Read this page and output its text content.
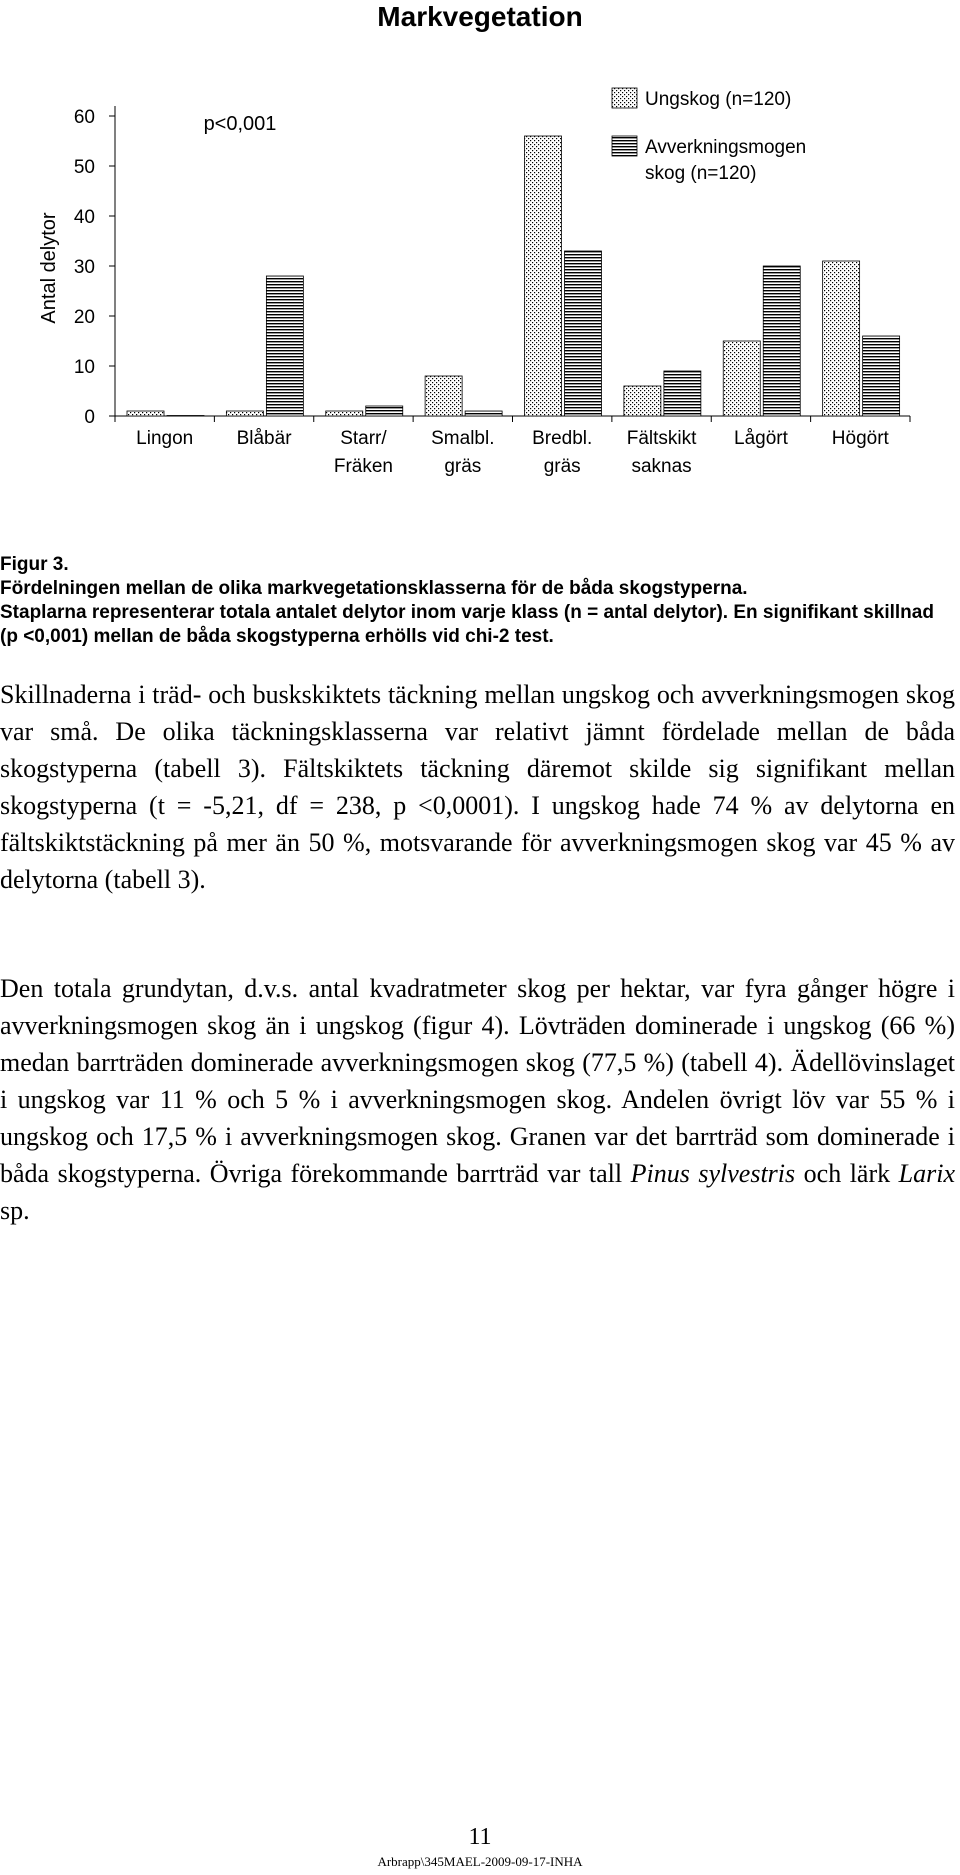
Markvegetation
0
10
20
30
40
50
60
Lingon Blåbär	Starr/
Fräken
Smalbl.
gräs
Bredbl.
gräs
Fältskikt
saknas
Lågört Högört
Ungskog (n=120)
Avverkningsmogen
skog (n=120)
p<0,001
Antal delytor

Figur 3.

Fördelningen mellan de olika markvegetationsklasserna för de båda skogstyperna.

Staplarna representerar totala antalet delytor inom varje klass (n = antal delytor). En signifikant skillnad (p <0,001) mellan de båda skogstyperna erhölls vid chi-2 test.

Skillnaderna i träd- och buskskiktets täckning mellan ungskog och avverkningsmogen skog var små. De olika täckningsklasserna var relativt jämnt fördelade mellan de båda skogstyperna (tabell 3). Fältskiktets täckning däremot skilde sig signifikant mellan skogstyperna (t = -5,21, df = 238, p <0,0001). I ungskog hade 74 % av delytorna en fältskiktstäckning på mer än 50 %, motsvarande för avverkningsmogen skog var 45 % av delytorna (tabell 3).
Den totala grundytan, d.v.s. antal kvadratmeter skog per hektar, var fyra gånger högre i avverkningsmogen skog än i ungskog (figur 4). Lövträden dominerade i ungskog (66 %) medan barrträden dominerade avverkningsmogen skog (77,5 %) (tabell 4). Ädellövinslaget i ungskog var 11 % och 5 % i avverkningsmogen skog. Andelen övrigt löv var 55 % i ungskog och 17,5 % i avverkningsmogen skog. Granen var det barrträd som dominerade i båda skogstyperna. Övriga förekommande barrträd var tall Pinus sylvestris och lärk Larix sp.
11
Arbrapp\345MAEL-2009-09-17-INHA
